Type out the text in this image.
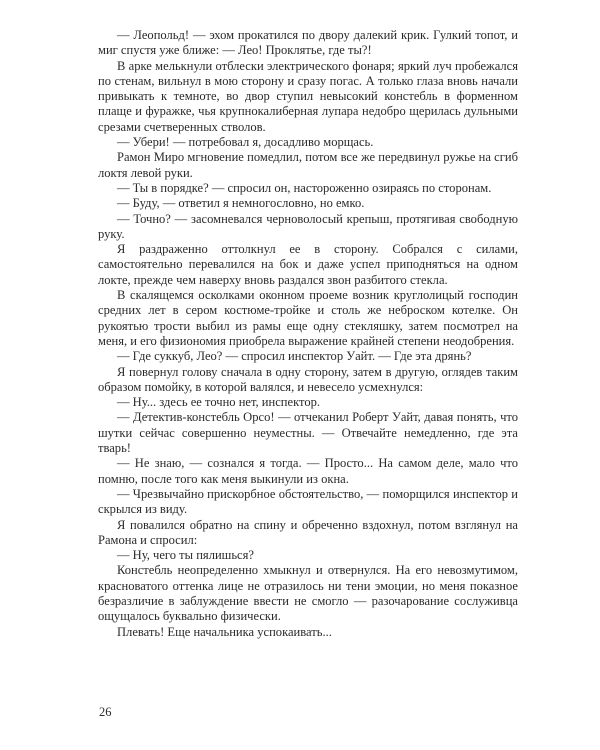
— Леопольд! — эхом прокатился по двору далекий крик. Гулкий топот, и миг спустя уже ближе: — Лео! Проклятье, где ты?!

В арке мелькнули отблески электрического фонаря; яркий луч пробежался по стенам, вильнул в мою сторону и сразу погас. А только глаза вновь начали привыкать к темноте, во двор ступил невысокий констебль в форменном плаще и фуражке, чья крупнокалиберная лупара недобро щерилась дульными срезами счетверенных стволов.

— Убери! — потребовал я, досадливо морщась.

Рамон Миро мгновение помедлил, потом все же передвинул ружье на сгиб локтя левой руки.

— Ты в порядке? — спросил он, настороженно озираясь по сторонам.

— Буду, — ответил я немногословно, но емко.

— Точно? — засомневался черноволосый крепыш, протягивая свободную руку.

Я раздраженно оттолкнул ее в сторону. Собрался с силами, самостоятельно перевалился на бок и даже успел приподняться на одном локте, прежде чем наверху вновь раздался звон разбитого стекла.

В скалящемся осколками оконном проеме возник круглолицый господин средних лет в сером костюме-тройке и столь же неброском котелке. Он рукоятью трости выбил из рамы еще одну стекляшку, затем посмотрел на меня, и его физиономия приобрела выражение крайней степени неодобрения.

— Где суккуб, Лео? — спросил инспектор Уайт. — Где эта дрянь?

Я повернул голову сначала в одну сторону, затем в другую, оглядев таким образом помойку, в которой валялся, и невесело усмехнулся:

— Ну... здесь ее точно нет, инспектор.

— Детектив-констебль Орсо! — отчеканил Роберт Уайт, давая понять, что шутки сейчас совершенно неуместны. — Отвечайте немедленно, где эта тварь!

— Не знаю, — сознался я тогда. — Просто... На самом деле, мало что помню, после того как меня выкинули из окна.

— Чрезвычайно прискорбное обстоятельство, — поморщился инспектор и скрылся из виду.

Я повалился обратно на спину и обреченно вздохнул, потом взглянул на Рамона и спросил:

— Ну, чего ты пялишься?

Констебль неопределенно хмыкнул и отвернулся. На его невозмутимом, красноватого оттенка лице не отразилось ни тени эмоции, но меня показное безразличие в заблуждение ввести не смогло — разочарование сослуживца ощущалось буквально физически.

Плевать! Еще начальника успокаивать...

26
